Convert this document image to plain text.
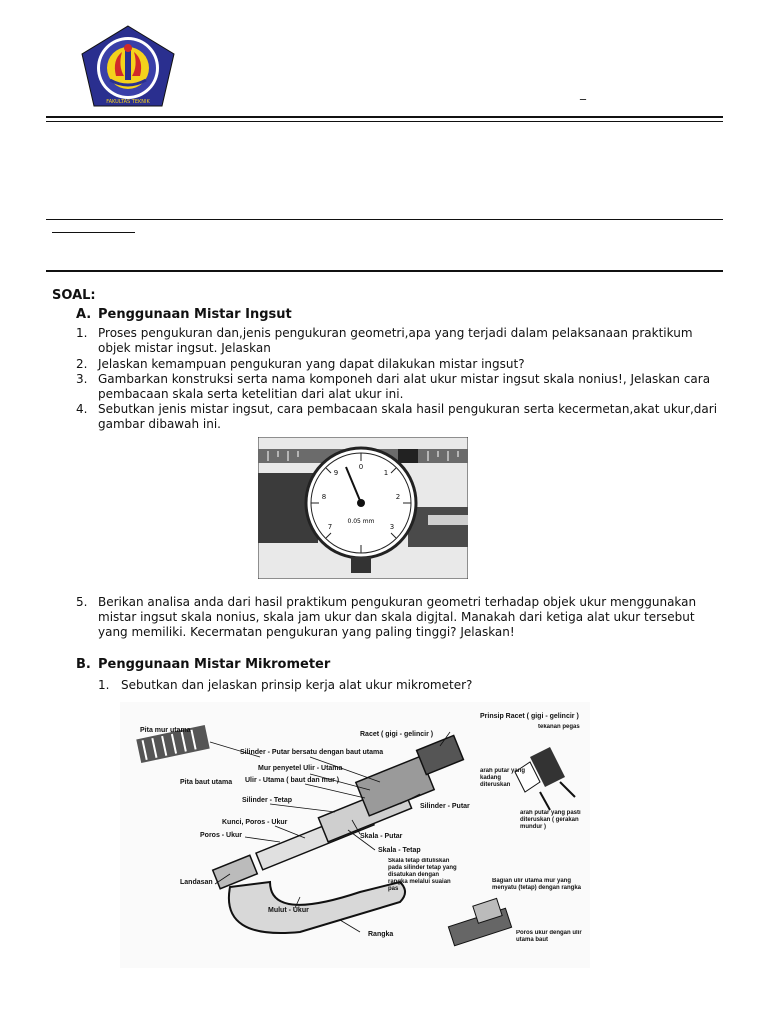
FAKULTAS TEKNIK
_
SOAL:
A. Penggunaan Mistar Ingsut
1. Proses pengukuran dan,jenis pengukuran geometri,apa yang terjadi dalam pelaksanaan praktikum objek mistar ingsut. Jelaskan
2. Jelaskan kemampuan pengukuran yang dapat dilakukan mistar ingsut?
3. Gambarkan konstruksi serta nama komponeh dari alat ukur mistar ingsut skala nonius!, Jelaskan cara pembacaan skala serta ketelitian dari alat ukur ini.
4. Sebutkan jenis mistar ingsut, cara pembacaan skala hasil pengukuran serta kecermetan,akat ukur,dari gambar dibawah ini.
0
1
9
2
8
3
7
0.05 mm
5. Berikan analisa anda dari hasil praktikum pengukuran geometri terhadap objek ukur menggunakan mistar ingsut skala nonius, skala jam ukur dan skala digjtal. Manakah dari ketiga alat ukur tersebut yang memiliki. Kecermatan pengukuran yang paling tinggi? Jelaskan!
B. Penggunaan Mistar Mikrometer
1. Sebutkan dan jelaskan prinsip kerja alat ukur mikrometer?
Pita mur utama
Pita baut utama
Silinder - Putar bersatu dengan baut utama
Racet ( gigi - gelincir )
Prinsip Racet ( gigi - gelincir )
Mur penyetel Ulir - Utama
Ulir - Utama ( baut dan mur )
Silinder - Tetap
Kunci, Poros - Ukur
Poros - Ukur
Landasan
Mulut - Ukur
Rangka
Silinder - Putar
Skala - Putar
Skala - Tetap
Skala tetap dituliskan pada silinder tetap yang disatukan dengan rangka melalui suaian pas
tekanan pegas
arah putar yang kadang diteruskan
arah putar yang pasti diteruskan ( gerakan mundur )
Bagian ulir utama mur yang menyatu (tetap) dengan rangka
Poros ukur dengan ulir utama baut
